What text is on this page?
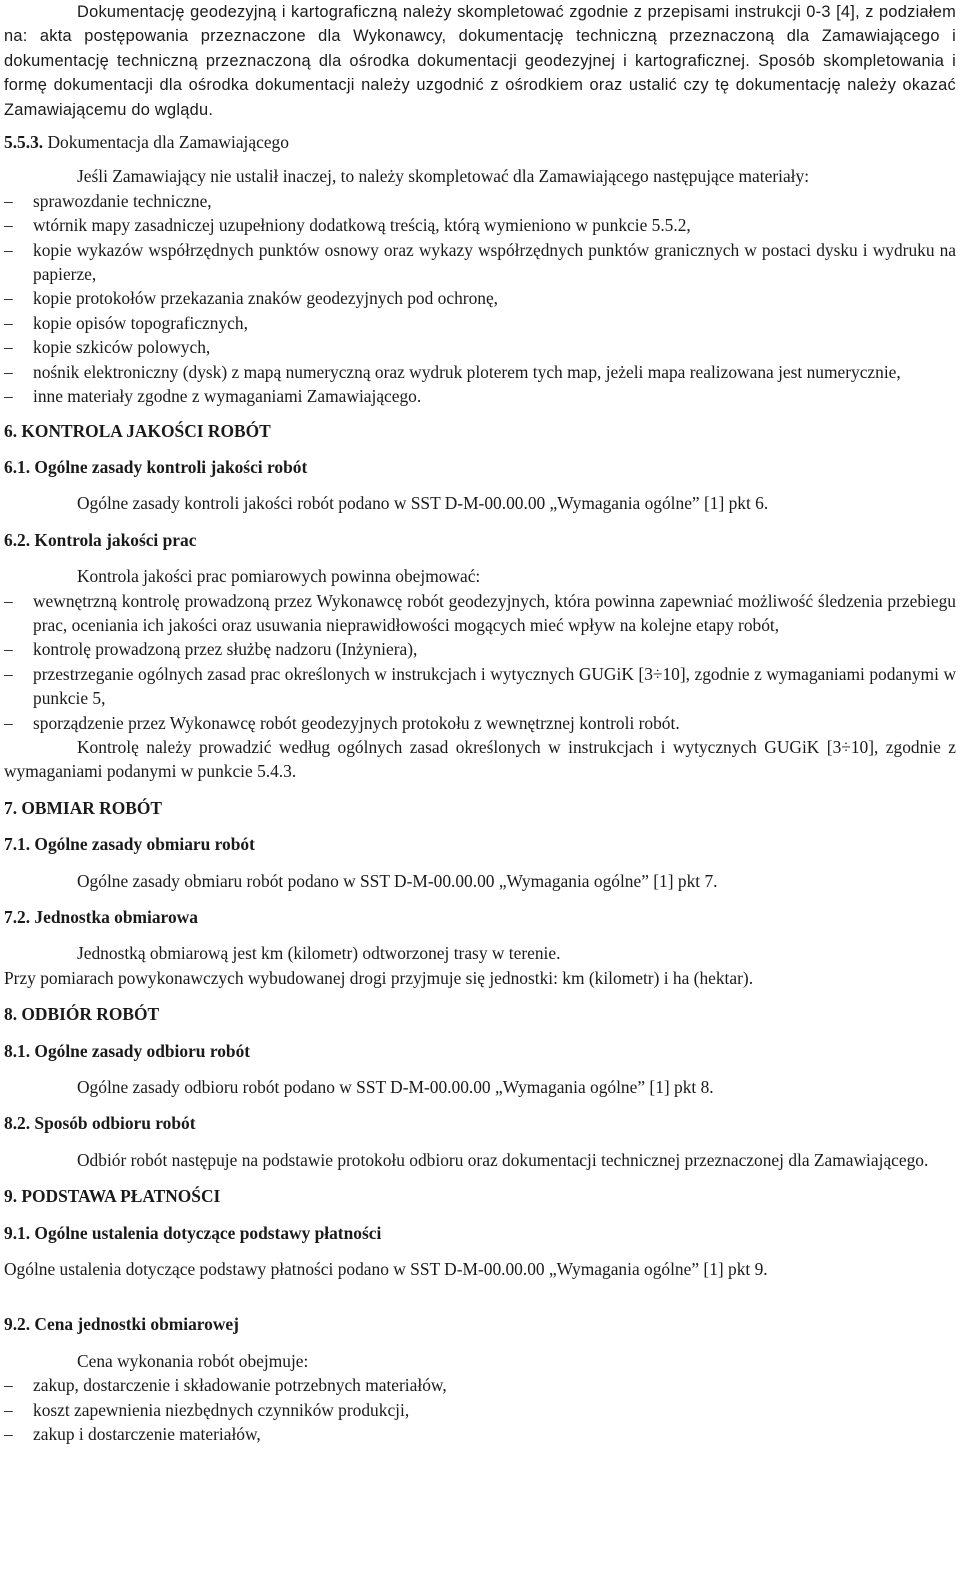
Dokumentację geodezyjną i kartograficzną należy skompletować zgodnie z przepisami instrukcji 0-3 [4], z podziałem na: akta postępowania przeznaczone dla Wykonawcy, dokumentację techniczną przeznaczoną dla Zamawiającego i dokumentację techniczną przeznaczoną dla ośrodka dokumentacji geodezyjnej i kartograficznej. Sposób skompletowania i formę dokumentacji dla ośrodka dokumentacji należy uzgodnić z ośrodkiem oraz ustalić czy tę dokumentację należy okazać Zamawiającemu do wglądu.

5.5.3. Dokumentacja dla Zamawiającego

Jeśli Zamawiający nie ustalił inaczej, to należy skompletować dla Zamawiającego następujące materiały:

– sprawozdanie techniczne,
– wtórnik mapy zasadniczej uzupełniony dodatkową treścią, którą wymieniono w punkcie 5.5.2,
– kopie wykazów współrzędnych punktów osnowy oraz wykazy współrzędnych punktów granicznych w postaci dysku i wydruku na papierze,
– kopie protokołów przekazania znaków geodezyjnych pod ochronę,
– kopie opisów topograficznych,
– kopie szkiców polowych,
– nośnik elektroniczny (dysk) z mapą numeryczną oraz wydruk ploterem tych map, jeżeli mapa realizowana jest numerycznie,
– inne materiały zgodne z wymaganiami Zamawiającego.

6. KONTROLA JAKOŚCI ROBÓT

6.1. Ogólne zasady kontroli jakości robót

Ogólne zasady kontroli jakości robót podano w SST D-M-00.00.00 „Wymagania ogólne” [1] pkt 6.

6.2. Kontrola jakości prac

Kontrola jakości prac pomiarowych powinna obejmować:

– wewnętrzną kontrolę prowadzoną przez Wykonawcę robót geodezyjnych, która powinna zapewniać możliwość śledzenia przebiegu prac, oceniania ich jakości oraz usuwania nieprawidłowości mogących mieć wpływ na kolejne etapy robót,
– kontrolę prowadzoną przez służbę nadzoru (Inżyniera),
– przestrzeganie ogólnych zasad prac określonych w instrukcjach i wytycznych GUGiK [3÷10], zgodnie z wymaganiami podanymi w punkcie 5,
– sporządzenie przez Wykonawcę robót geodezyjnych protokołu z wewnętrznej kontroli robót.

Kontrolę należy prowadzić według ogólnych zasad określonych w instrukcjach i wytycznych GUGiK [3÷10], zgodnie z wymaganiami podanymi w punkcie 5.4.3.

7. OBMIAR ROBÓT

7.1. Ogólne zasady obmiaru robót

Ogólne zasady obmiaru robót podano w SST D-M-00.00.00 „Wymagania ogólne” [1] pkt 7.

7.2. Jednostka obmiarowa

Jednostką obmiarową jest km (kilometr) odtworzonej trasy w terenie.

Przy pomiarach powykonawczych wybudowanej drogi przyjmuje się jednostki: km (kilometr) i ha (hektar).

8. ODBIÓR ROBÓT

8.1. Ogólne zasady odbioru robót

Ogólne zasady odbioru robót podano w SST D-M-00.00.00 „Wymagania ogólne” [1] pkt 8.

8.2. Sposób odbioru robót

Odbiór robót następuje na podstawie protokołu odbioru oraz dokumentacji technicznej przeznaczonej dla Zamawiającego.

9. PODSTAWA PŁATNOŚCI

9.1. Ogólne ustalenia dotyczące podstawy płatności

Ogólne ustalenia dotyczące podstawy płatności podano w SST D-M-00.00.00 „Wymagania ogólne” [1] pkt 9.

9.2. Cena jednostki obmiarowej

Cena wykonania robót obejmuje:

– zakup, dostarczenie i składowanie potrzebnych materiałów,
– koszt zapewnienia niezbędnych czynników produkcji,
– zakup i dostarczenie materiałów,
